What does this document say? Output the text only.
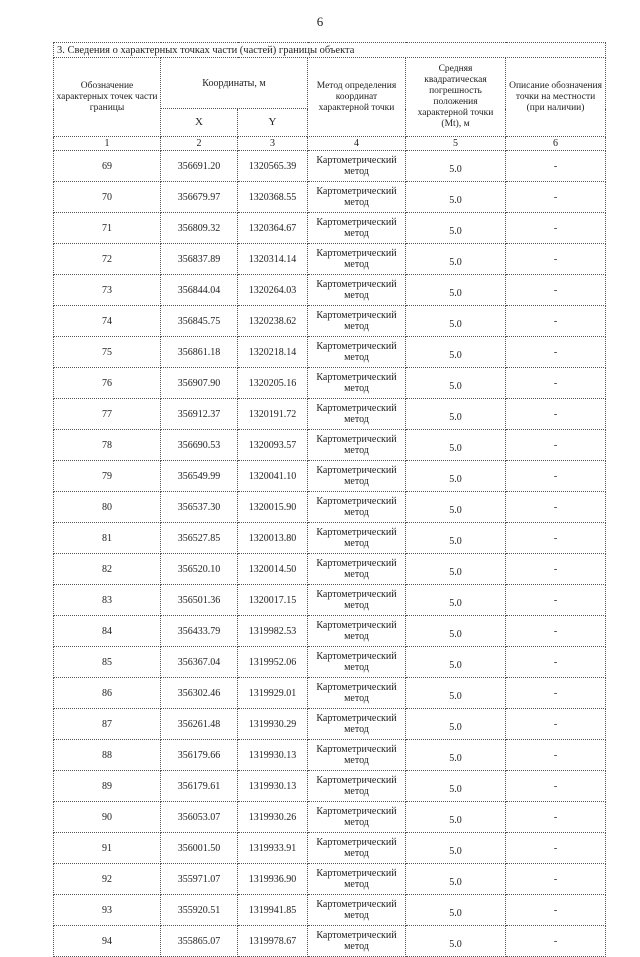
6
3. Сведения о характерных точках части (частей) границы объекта					
Обозначение характерных точек части границы	Координаты, м		Метод определения координат характерной точки	Средняя квадратическая погрешность положения характерной точки (Mt), м	Описание обозначения точки на местности (при наличии)
	X	Y			
1	2	3	4	5	6
69	356691.20	1320565.39	Картометрический метод	5.0	-
70	356679.97	1320368.55	Картометрический метод	5.0	-
71	356809.32	1320364.67	Картометрический метод	5.0	-
72	356837.89	1320314.14	Картометрический метод	5.0	-
73	356844.04	1320264.03	Картометрический метод	5.0	-
74	356845.75	1320238.62	Картометрический метод	5.0	-
75	356861.18	1320218.14	Картометрический метод	5.0	-
76	356907.90	1320205.16	Картометрический метод	5.0	-
77	356912.37	1320191.72	Картометрический метод	5.0	-
78	356690.53	1320093.57	Картометрический метод	5.0	-
79	356549.99	1320041.10	Картометрический метод	5.0	-
80	356537.30	1320015.90	Картометрический метод	5.0	-
81	356527.85	1320013.80	Картометрический метод	5.0	-
82	356520.10	1320014.50	Картометрический метод	5.0	-
83	356501.36	1320017.15	Картометрический метод	5.0	-
84	356433.79	1319982.53	Картометрический метод	5.0	-
85	356367.04	1319952.06	Картометрический метод	5.0	-
86	356302.46	1319929.01	Картометрический метод	5.0	-
87	356261.48	1319930.29	Картометрический метод	5.0	-
88	356179.66	1319930.13	Картометрический метод	5.0	-
89	356179.61	1319930.13	Картометрический метод	5.0	-
90	356053.07	1319930.26	Картометрический метод	5.0	-
91	356001.50	1319933.91	Картометрический метод	5.0	-
92	355971.07	1319936.90	Картометрический метод	5.0	-
93	355920.51	1319941.85	Картометрический метод	5.0	-
94	355865.07	1319978.67	Картометрический метод	5.0	-
